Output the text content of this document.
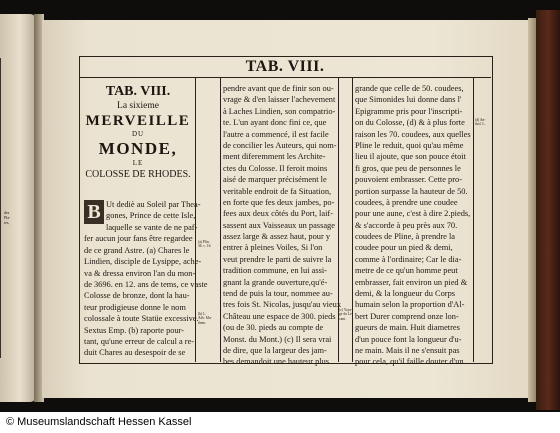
des
Pla-
tes,
TAB. VIII.
TAB. VIII.
La sixieme
MERVEILLE
DU
MONDE,
LE
COLOSSE DE RHODES.
B Ut dediè au Soleil par Thea-
gones, Prince de cette Isle,
laquelle se vante de ne paf-
fer aucun jour fans être regardee
de ce grand Astre. (a) Chares le
Lindien, disciple de Lysippe, ache-
va & dressa environ l'an du mon-
de 3696. en 12. ans de tems, ce vaste
Colosse de bronze, dont la hau-
teur prodigieuse donne le nom
colossale à toute Statüe excessive.
Sextus Emp. (b) raporte pour-
tant, qu'une erreur de calcul a re-
duit Chares au desespoir de se
(a) Plin.
36. c. 16.
(b) L.
Adv. Ma-
them.
pendre avant que de finir son ou-
vrage & d'en laisser l'achevement
à Laches Lindien, son compatrio-
te. L'un ayant donc fini ce, que
l'autre a commencé, il est facile
de concilier les Auteurs, qui nom-
ment diferemment les Archite-
ctes du Colosse. Il feroit moins
aisé de marquer précisément le
veritable endroit de fa Situation,
en forte que fes deux jambes, po-
fees aux deux côtés du Port, laif-
sassent aux Vaisseaux un passage
assez large & assez haut, pour y
entrer à pleines Voiles, Si l'on
veut prendre le parti de suivre la
tradition commune, en lui assi-
gnant la grande ouverture,qu'é-
tend de puis la tour, nommee au-
tres fois St. Nicolas, jusqu'au vieux
Château une espace de 300. pieds
(ou de 30. pieds au compte de
Monst. du Mont.) (c) Il sera vrai
de dire, que la largeur des jam-
bes demandoit une hauteur plus
(c) Voya-
ge du Le-
vant.
grande que celle de 50. coudees,
que Simonides lui donne dans l'
Epigramme pris pour l'inscripti-
on du Colosse, (d) & à plus forte
raison les 70. coudees, aux quelles
Pline le reduit, quoi qu'au même
lieu il ajoute, que son pouce étoit
fi gros, que peu de personnes le
pouvoient embrasser. Cette pro-
portion surpasse la hauteur de 50.
coudees, à prendre une coudee
pour une aune, c'est à dire 2.pieds,
& s'accorde à peu près aux 70.
coudees de Pline, à prendre la
coudee pour un pied & demi,
comme à l'ordinaire; Car le dia-
metre de ce qu'un homme peut
embrasser, fait environ un pied &
demi, & la longueur du Corps
humain selon la proportion d'Al-
bert Durer comprend onze lon-
gueurs de main. Huit diametres
d'un pouce font la longueur d'u-
ne main. Mais il ne s'ensuit pas
pour cela, qu'il faille douter d'un
(d) An-
thol. L.
© Museumslandschaft Hessen Kassel
